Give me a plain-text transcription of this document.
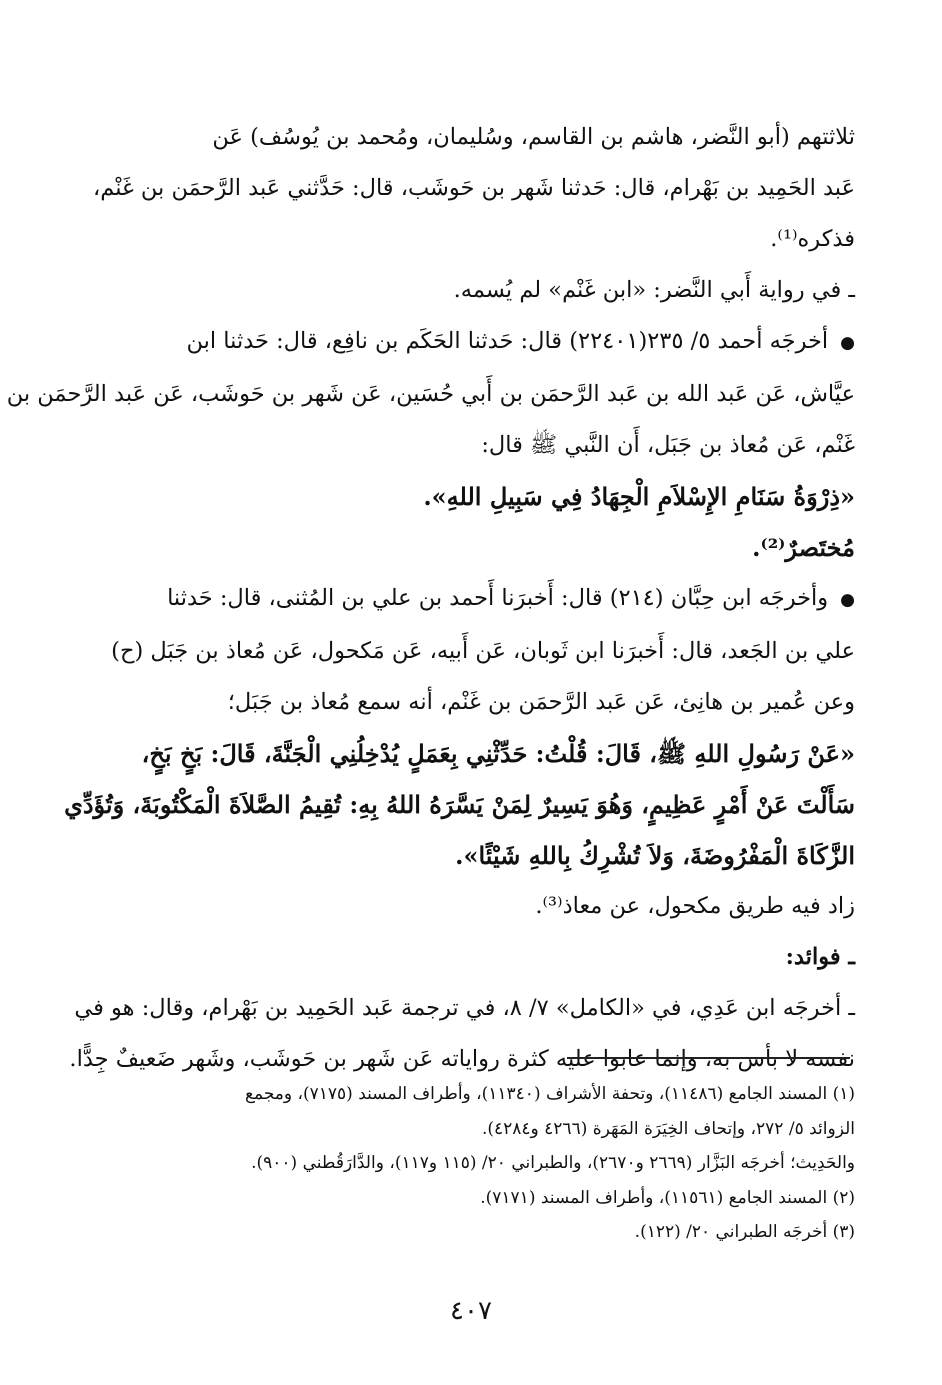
ثلاثتهم (أبو النَّضر، هاشم بن القاسم، وسُليمان، ومُحمد بن يُوسُف) عَن
عَبد الحَمِيد بن بَهْرام، قال: حَدثنا شَهر بن حَوشَب، قال: حَدَّثني عَبد الرَّحمَن بن غَنْم،
فذكره⁽¹⁾.
ـ في رواية أَبي النَّضر: «ابن غَنْم» لم يُسمه.
● أخرجَه أحمد ٥/ ٢٣٥(٢٢٤٠١) قال: حَدثنا الحَكَم بن نافِع، قال: حَدثنا ابن
عيَّاش، عَن عَبد الله بن عَبد الرَّحمَن بن أَبي حُسَين، عَن شَهر بن حَوشَب، عَن عَبد الرَّحمَن بن
غَنْم، عَن مُعاذ بن جَبَل، أَن النَّبي ﷺ قال:
«ذِرْوَةُ سَنَامِ الإِسْلاَمِ الْجِهَادُ فِي سَبِيلِ اللهِ».
مُختَصرٌ⁽²⁾.
● وأخرجَه ابن حِبَّان (٢١٤) قال: أَخبرَنا أَحمد بن علي بن المُثنى، قال: حَدثنا
علي بن الجَعد، قال: أَخبرَنا ابن ثَوبان، عَن أَبيه، عَن مَكحول، عَن مُعاذ بن جَبَل (ح)
وعن عُمير بن هانِئ، عَن عَبد الرَّحمَن بن غَنْم، أنه سمع مُعاذ بن جَبَل؛
«عَنْ رَسُولِ اللهِ ﷺ، قَالَ: قُلْتُ: حَدِّثْنِي بِعَمَلٍ يُدْخِلُنِي الْجَنَّةَ، قَالَ: بَخٍ بَخٍ،
سَأَلْتَ عَنْ أَمْرٍ عَظِيمٍ، وَهُوَ يَسِيرٌ لِمَنْ يَسَّرَهُ اللهُ بِهِ: تُقِيمُ الصَّلاَةَ الْمَكْتُوبَةَ، وَتُؤَدِّي
الزَّكَاةَ الْمَفْرُوضَةَ، وَلاَ تُشْرِكُ بِاللهِ شَيْئًا».
زاد فيه طريق مكحول، عن معاذ⁽³⁾.
ـ فوائد:
ـ أخرجَه ابن عَدِي، في «الكامل» ٧/ ٨، في ترجمة عَبد الحَمِيد بن بَهْرام، وقال: هو في
نفسه لا بأس به، وإنما عابوا عليه كثرة رواياته عَن شَهر بن حَوشَب، وشَهر ضَعيفٌ جِدًّا.
(١) المسند الجامع (١١٤٨٦)، وتحفة الأشراف (١١٣٤٠)، وأطراف المسند (٧١٧٥)، ومجمع
الزوائد ٥/ ٢٧٢، وإتحاف الخِيَرَة المَهَرة (٤٢٦٦ و٤٢٨٤).
والحَدِيث؛ أخرجَه البَزَّار (٢٦٦٩ و٢٦٧٠)، والطبراني ٢٠/ (١١٥ و١١٧)، والدَّارَقُطني (٩٠٠).
(٢) المسند الجامع (١١٥٦١)، وأطراف المسند (٧١٧١).
(٣) أخرجَه الطبراني ٢٠/ (١٢٢).
٤٠٧
